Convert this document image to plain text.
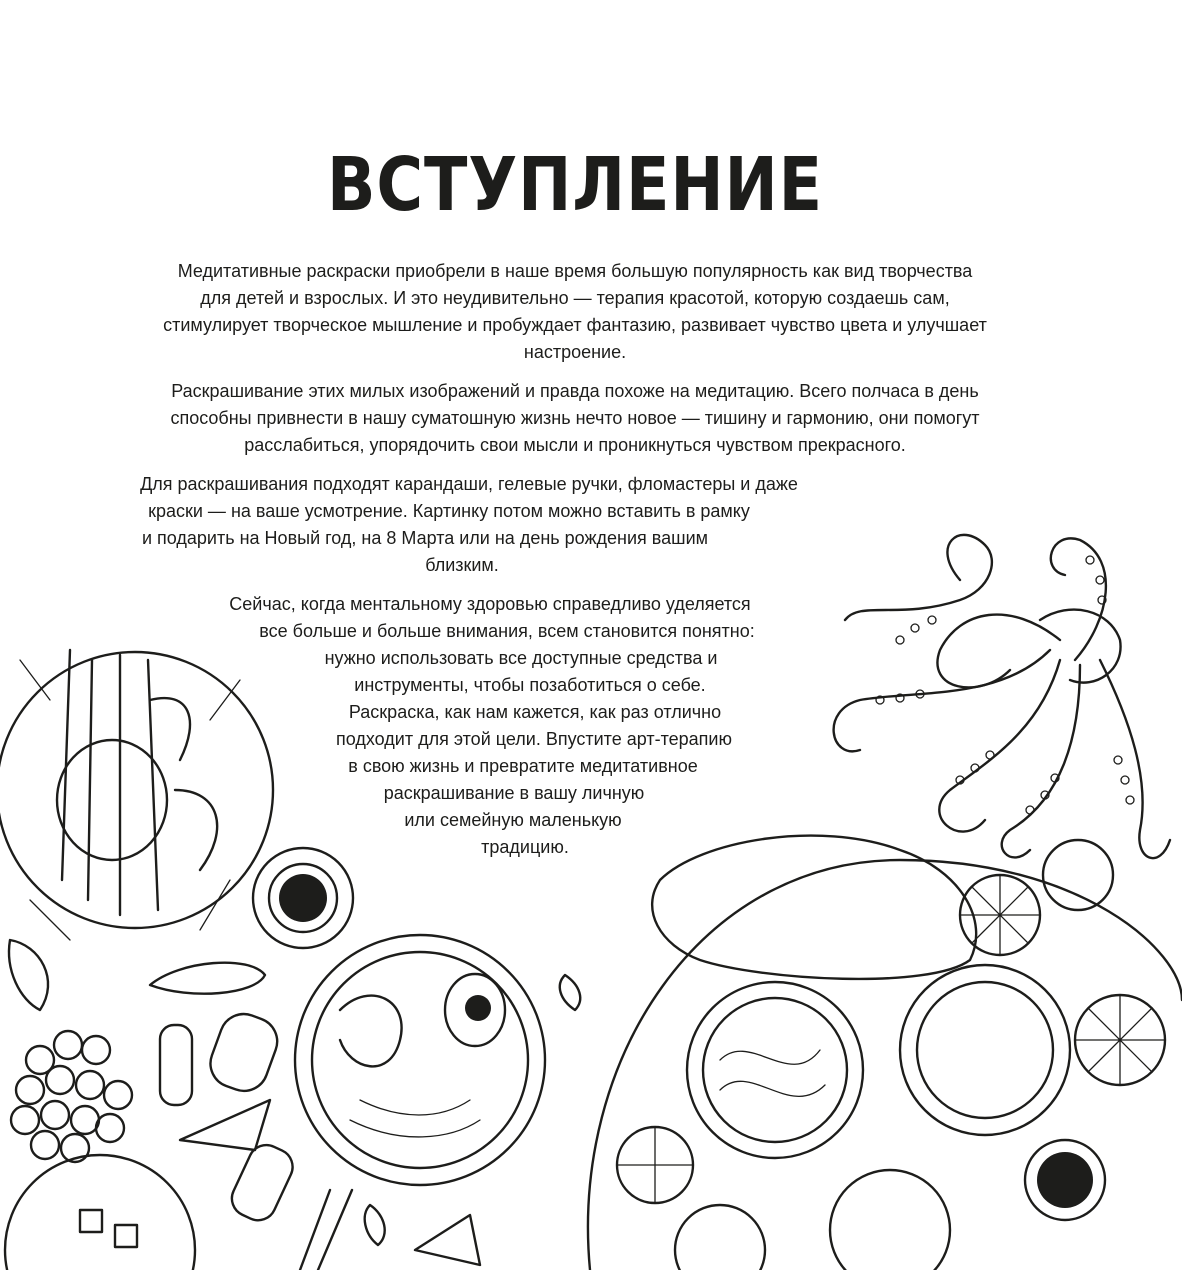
ВСТУПЛЕНИЕ
Медитативные раскраски приобрели в наше время большую популярность как вид творчества
для детей и взрослых. И это неудивительно — терапия красотой, которую создаешь сам,
стимулирует творческое мышление и пробуждает фантазию, развивает чувство цвета и улучшает
настроение.
Раскрашивание этих милых изображений и правда похоже на медитацию. Всего полчаса в день
способны привнести в нашу суматошную жизнь нечто новое — тишину и гармонию, они помогут
расслабиться, упорядочить свои мысли и проникнуться чувством прекрасного.
Для раскрашивания подходят карандаши, гелевые ручки, фломастеры и даже
краски — на ваше усмотрение. Картинку потом можно вставить в рамку
и подарить на Новый год, на 8 Марта или на день рождения вашим
близким.
Сейчас, когда ментальному здоровью справедливо уделяется
все больше и больше внимания, всем становится понятно:
нужно использовать все доступные средства и
инструменты, чтобы позаботиться о себе.
Раскраска, как нам кажется, как раз отлично
подходит для этой цели. Впустите арт-терапию
в свою жизнь и превратите медитативное
раскрашивание в вашу личную
или семейную маленькую
традицию.
